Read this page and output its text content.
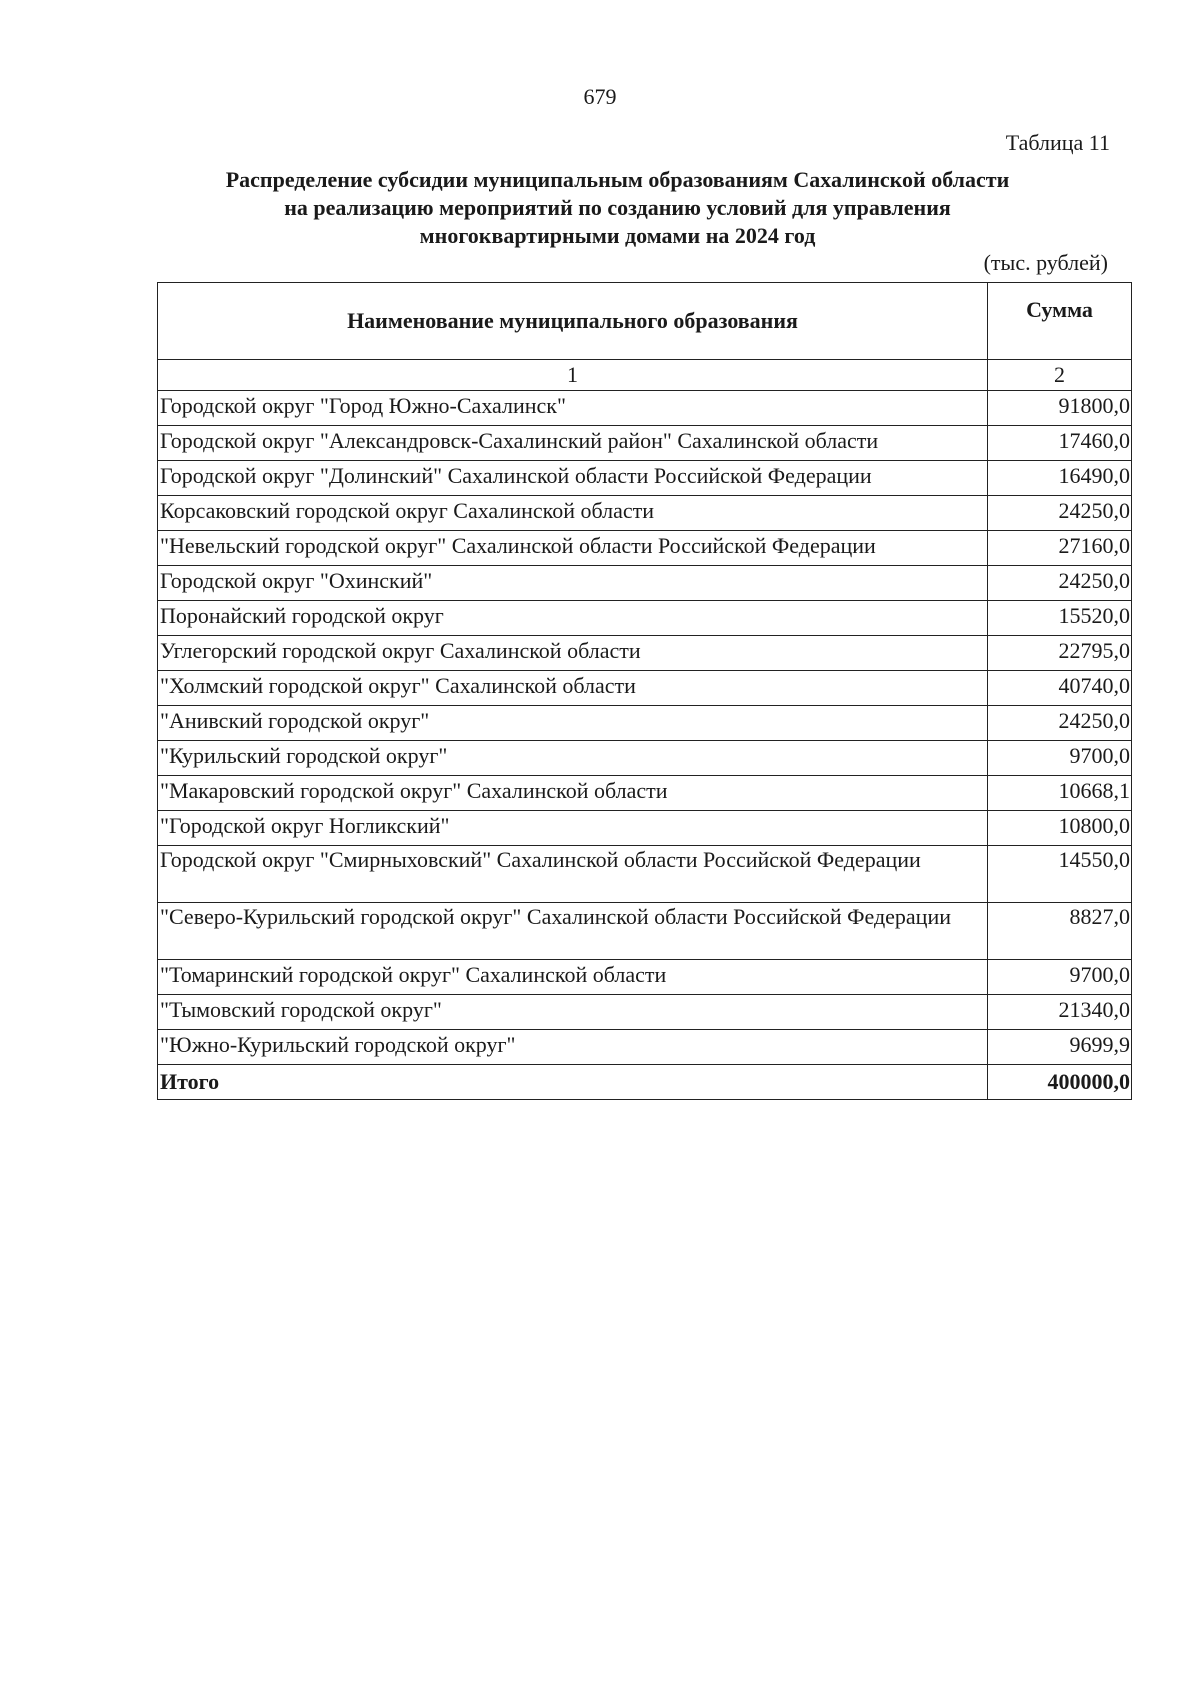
679
Таблица 11
Распределение субсидии муниципальным образованиям Сахалинской области
на реализацию мероприятий по созданию условий для управления
многоквартирными домами на 2024 год
(тыс. рублей)
Наименование муниципального образования	Сумма
1	2
Городской округ "Город Южно-Сахалинск"	91800,0
Городской округ "Александровск-Сахалинский район" Сахалинской области	17460,0
Городской округ "Долинский" Сахалинской области Российской Федерации	16490,0
Корсаковский городской округ Сахалинской области	24250,0
"Невельский городской округ" Сахалинской области Российской Федерации	27160,0
Городской округ "Охинский"	24250,0
Поронайский городской округ	15520,0
Углегорский городской округ Сахалинской области	22795,0
"Холмский городской округ" Сахалинской области	40740,0
"Анивский городской округ"	24250,0
"Курильский городской округ"	9700,0
"Макаровский городской округ" Сахалинской области	10668,1
"Городской округ Ногликский"	10800,0
Городской округ "Смирныховский" Сахалинской области Российской Федерации	14550,0
"Северо-Курильский городской округ" Сахалинской области Российской Федерации	8827,0
"Томаринский городской округ" Сахалинской области	9700,0
"Тымовский городской округ"	21340,0
"Южно-Курильский городской округ"	9699,9
Итого	400000,0
